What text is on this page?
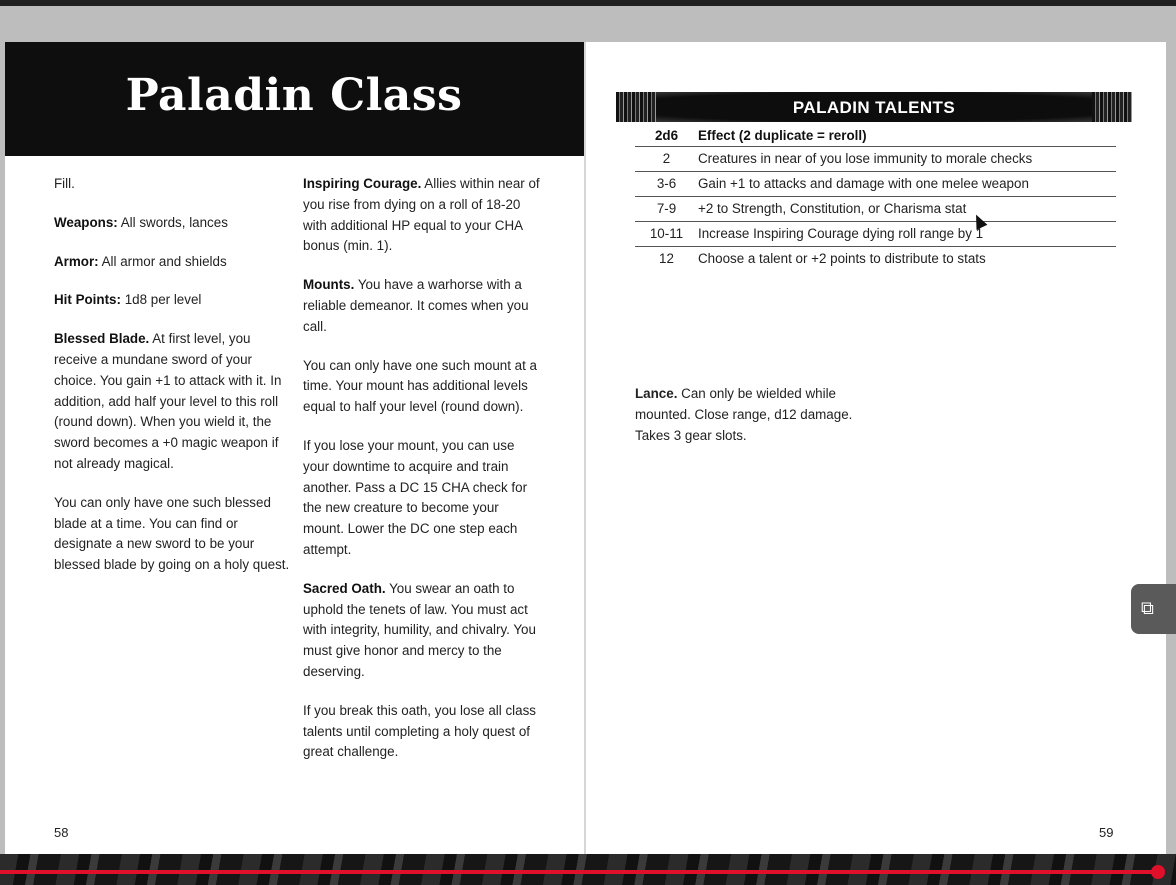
Paladin Class

Fill.

Weapons: All swords, lances

Armor: All armor and shields

Hit Points: 1d8 per level

Blessed Blade. At first level, you receive a mundane sword of your choice. You gain +1 to attack with it. In addition, add half your level to this roll (round down). When you wield it, the sword becomes a +0 magic weapon if not already magical.

You can only have one such blessed blade at a time. You can find or designate a new sword to be your blessed blade by going on a holy quest.

Inspiring Courage. Allies within near of you rise from dying on a roll of 18-20 with additional HP equal to your CHA bonus (min. 1).

Mounts. You have a warhorse with a reliable demeanor. It comes when you call.

You can only have one such mount at a time. Your mount has additional levels equal to half your level (round down).

If you lose your mount, you can use your downtime to acquire and train another. Pass a DC 15 CHA check for the new creature to become your mount. Lower the DC one step each attempt.

Sacred Oath. You swear an oath to uphold the tenets of law. You must act with integrity, humility, and chivalry. You must give honor and mercy to the deserving.

If you break this oath, you lose all class talents until completing a holy quest of great challenge.

58
PALADIN TALENTS
2d6	Effect (2 duplicate = reroll)
2	Creatures in near of you lose immunity to morale checks
3-6	Gain +1 to attacks and damage with one melee weapon
7-9	+2 to Strength, Constitution, or Charisma stat
10-11	Increase Inspiring Courage dying roll range by 1
12	Choose a talent or +2 points to distribute to stats
Lance. Can only be wielded while mounted. Close range, d12 damage. Takes 3 gear slots.
59
⧉
